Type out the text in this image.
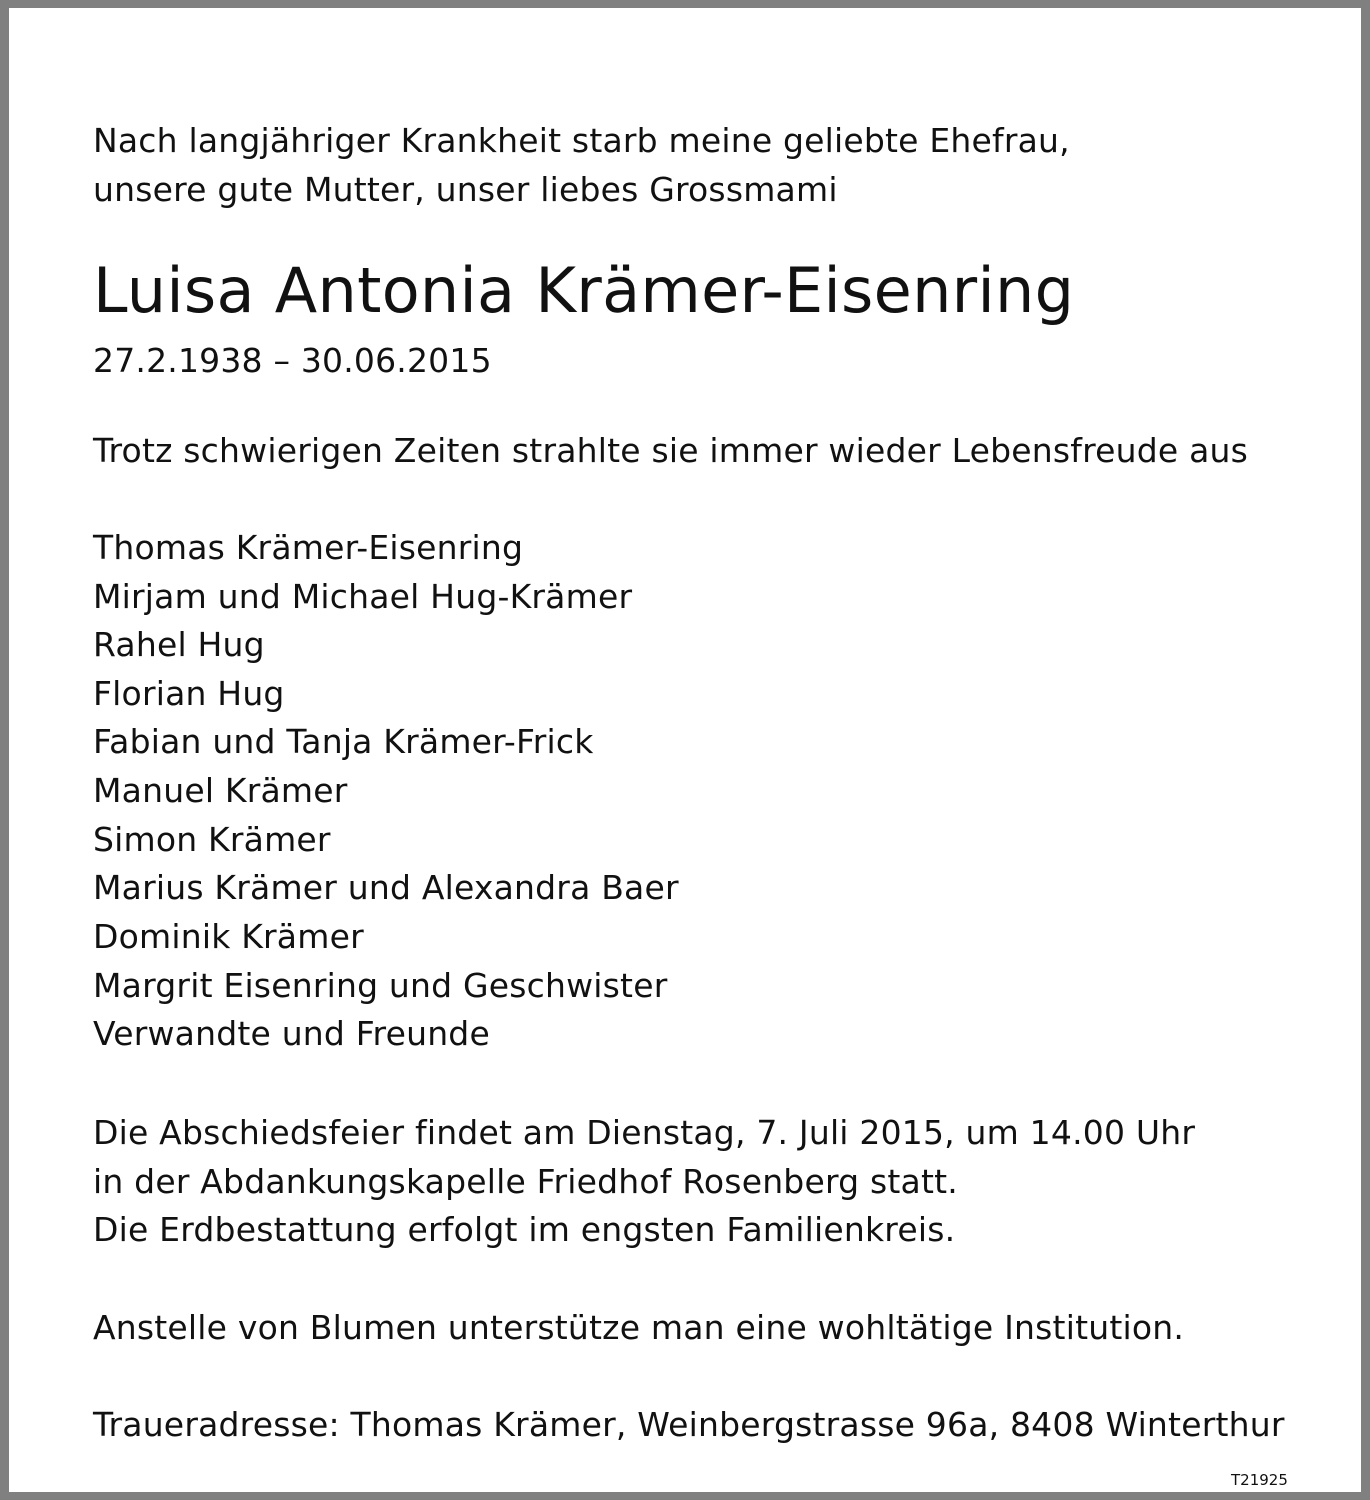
Nach langjähriger Krankheit starb meine geliebte Ehefrau,
unsere gute Mutter, unser liebes Grossmami
Luisa Antonia Krämer-Eisenring
27.2.1938 – 30.06.2015
Trotz schwierigen Zeiten strahlte sie immer wieder Lebensfreude aus
Thomas Krämer-Eisenring
Mirjam und Michael Hug-Krämer
Rahel Hug
Florian Hug
Fabian und Tanja Krämer-Frick
Manuel Krämer
Simon Krämer
Marius Krämer und Alexandra Baer
Dominik Krämer
Margrit Eisenring und Geschwister
Verwandte und Freunde
Die Abschiedsfeier findet am Dienstag, 7. Juli 2015, um 14.00 Uhr
in der Abdankungskapelle Friedhof Rosenberg statt.
Die Erdbestattung erfolgt im engsten Familienkreis.
Anstelle von Blumen unterstütze man eine wohltätige Institution.
Traueradresse: Thomas Krämer, Weinbergstrasse 96a, 8408 Winterthur
T21925
